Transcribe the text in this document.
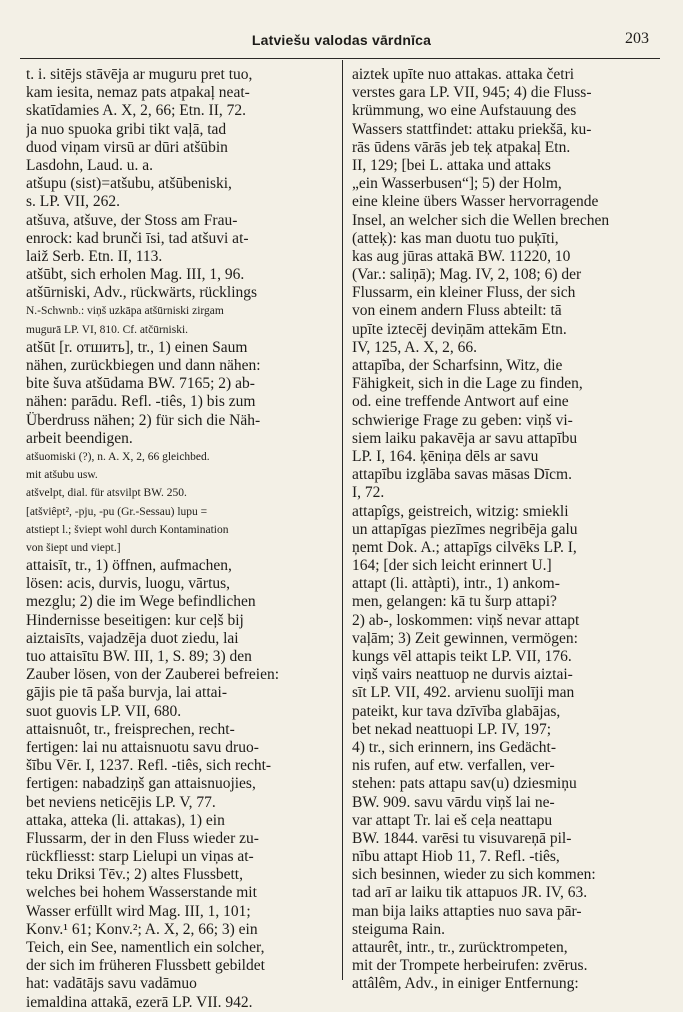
Latviešu valodas vārdnīca	203
t. i. sitējs stāvēja ar muguru pret tuo,
kam iesita, nemaz pats atpakaļ neat-
skatīdamies A. X, 2, 66; Etn. II, 72.
ja nuo spuoka gribi tikt vaļā, tad
duod viņam virsū ar dūri atšūbin
Lasdohn, Laud. u. a.
atšupu (sist)=atšubu, atšūbeniski,
s. LP. VII, 262.
atšuva, atšuve, der Stoss am Frau-
enrock: kad brunči īsi, tad atšuvi at-
laiž Serb. Etn. II, 113.
atšūbt, sich erholen Mag. III, 1, 96.
atšūrniski, Adv., rückwärts, rücklings
N.-Schwnb.: viņš uzkāpa atšūrniski zirgam
mugurā LP. VI, 810. Cf. atčūrniski.
atšūt [r. отшить], tr., 1) einen Saum
nähen, zurückbiegen und dann nähen:
bite šuva atšūdama BW. 7165; 2) ab-
nähen: parādu. Refl. -tiês, 1) bis zum
Überdruss nähen; 2) für sich die Näh-
arbeit beendigen.
atšuomiski (?), n. A. X, 2, 66 gleichbed.
mit atšubu usw.
atšvelpt, dial. für atsvilpt BW. 250.
[atšviêpt², -pju, -pu (Gr.-Sessau) lupu =
atstiept l.; šviept wohl durch Kontamination
von šiept und viept.]
attaisīt, tr., 1) öffnen, aufmachen,
lösen: acis, durvis, luogu, vārtus,
mezglu; 2) die im Wege befindlichen
Hindernisse beseitigen: kur ceļš bij
aiztaisīts, vajadzēja duot ziedu, lai
tuo attaisītu BW. III, 1, S. 89; 3) den
Zauber lösen, von der Zauberei befreien:
gājis pie tā paša burvja, lai attai-
suot guovis LP. VII, 680.
attaisnuôt, tr., freisprechen, recht-
fertigen: lai nu attaisnuotu savu druo-
šību Vēr. I, 1237. Refl. -tiês, sich recht-
fertigen: nabadziņš gan attaisnuojies,
bet neviens neticējis LP. V, 77.
attaka, atteka (li. attakas), 1) ein
Flussarm, der in den Fluss wieder zu-
rückfliesst: starp Lielupi un viņas at-
teku Driksi Tēv.; 2) altes Flussbett,
welches bei hohem Wasserstande mit
Wasser erfüllt wird Mag. III, 1, 101;
Konv.¹ 61; Konv.²; A. X, 2, 66; 3) ein
Teich, ein See, namentlich ein solcher,
der sich im früheren Flussbett gebildet
hat: vadātājs savu vadāmuo
iemaldina attakā, ezerā LP. VII. 942.
aiztek upīte nuo attakas. attaka četri
verstes gara LP. VII, 945; 4) die Fluss-
krümmung, wo eine Aufstauung des
Wassers stattfindet: attaku priekšā, ku-
rās ūdens vārās jeb teķ atpakaļ Etn.
II, 129; [bei L. attaka und attaks
„ein Wasserbusen“]; 5) der Holm,
eine kleine übers Wasser hervorragende
Insel, an welcher sich die Wellen brechen
(atteķ): kas man duotu tuo puķīti,
kas aug jūras attakā BW. 11220, 10
(Var.: saliņā); Mag. IV, 2, 108; 6) der
Flussarm, ein kleiner Fluss, der sich
von einem andern Fluss abteilt: tā
upīte iztecēj deviņām attekām Etn.
IV, 125, A. X, 2, 66.
attapība, der Scharfsinn, Witz, die
Fähigkeit, sich in die Lage zu finden,
od. eine treffende Antwort auf eine
schwierige Frage zu geben: viņš vi-
siem laiku pakavēja ar savu attapību
LP. I, 164. ķēniņa dēls ar savu
attapību izglāba savas māsas Dīcm.
I, 72.
attapîgs, geistreich, witzig: smiekli
un attapīgas piezīmes negribēja galu
ņemt Dok. A.; attapīgs cilvēks LP. I,
164; [der sich leicht erinnert U.]
attapt (li. attàpti), intr., 1) ankom-
men, gelangen: kā tu šurp attapi?
2) ab-, loskommen: viņš nevar attapt
vaļām; 3) Zeit gewinnen, vermögen:
kungs vēl attapis teikt LP. VII, 176.
viņš vairs neattuop ne durvis aiztai-
sīt LP. VII, 492. arvienu suolīji man
pateikt, kur tava dzīvība glabājas,
bet nekad neattuopi LP. IV, 197;
4) tr., sich erinnern, ins Gedächt-
nis rufen, auf etw. verfallen, ver-
stehen: pats attapu sav(u) dziesmiņu
BW. 909. savu vārdu viņš lai ne-
var attapt Tr. lai eš ceļa neattapu
BW. 1844. varēsi tu visuvareņā pil-
nību attapt Hiob 11, 7. Refl. -tiês,
sich besinnen, wieder zu sich kommen:
tad arī ar laiku tik attapuos JR. IV, 63.
man bija laiks attapties nuo sava pār-
steiguma Rain.
attaurêt, intr., tr., zurücktrompeten,
mit der Trompete herbeirufen: zvērus.
attâlêm, Adv., in einiger Entfernung:
